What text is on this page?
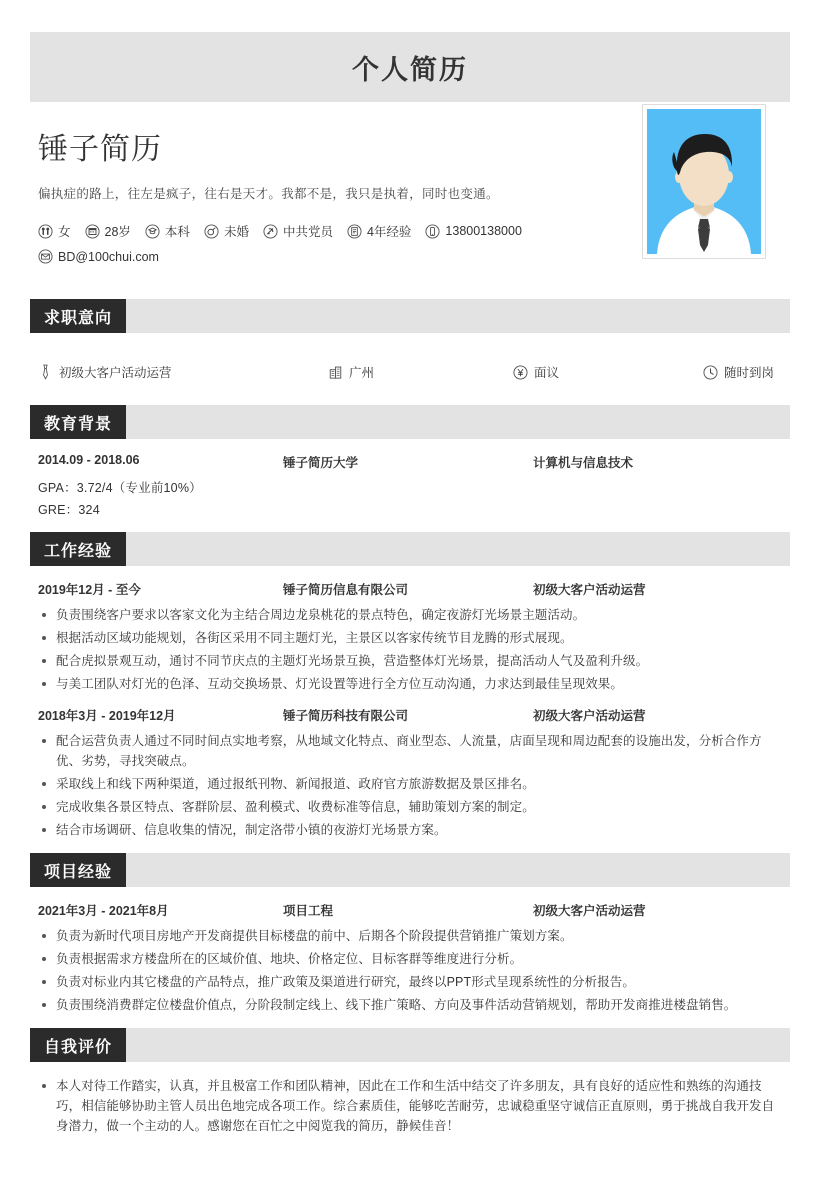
个人简历
锤子简历
偏执症的路上，往左是疯子，往右是天才。我都不是，我只是执着，同时也变通。
女	28岁	本科	未婚	中共党员	4年经验	13800138000
BD@100chui.com
求职意向
初级大客户活动运营	广州	面议	随时到岗
教育背景
2014.09 - 2018.06	锤子简历大学	计算机与信息技术
GPA：3.72/4（专业前10%）
GRE：324
工作经验
2019年12月 - 至今	锤子简历信息有限公司	初级大客户活动运营
负责围绕客户要求以客家文化为主结合周边龙泉桃花的景点特色，确定夜游灯光场景主题活动。
根据活动区域功能规划，各街区采用不同主题灯光，主景区以客家传统节目龙腾的形式展现。
配合虎拟景观互动，通讨不同节庆点的主题灯光场景互换，营造整体灯光场景，提高活动人气及盈利升级。
与美工团队对灯光的色泽、互动交换场景、灯光设置等进行全方位互动沟通，力求达到最佳呈现效果。
2018年3月 - 2019年12月	锤子简历科技有限公司	初级大客户活动运营
配合运营负责人通过不同时间点实地考察，从地域文化特点、商业型态、人流量，店面呈现和周边配套的设施出发，分析合作方优、劣势，寻找突破点。
采取线上和线下两种渠道，通过报纸刊物、新闻报道、政府官方旅游数据及景区排名。
完成收集各景区特点、客群阶层、盈利模式、收费标准等信息，辅助策划方案的制定。
结合市场调研、信息收集的情况，制定洛带小镇的夜游灯光场景方案。
项目经验
2021年3月 - 2021年8月	项目工程	初级大客户活动运营
负责为新时代项目房地产开发商提供目标楼盘的前中、后期各个阶段提供营销推广策划方案。
负责根据需求方楼盘所在的区域价值、地块、价格定位、目标客群等维度进行分析。
负责对标业内其它楼盘的产品特点，推广政策及渠道进行研究，最终以PPT形式呈现系统性的分析报告。
负责围绕消费群定位楼盘价值点，分阶段制定线上、线下推广策略、方向及事件活动营销规划，帮助开发商推进楼盘销售。
自我评价
本人对待工作踏实，认真，并且极富工作和团队精神，因此在工作和生活中结交了许多朋友，具有良好的适应性和熟练的沟通技巧，相信能够协助主管人员出色地完成各项工作。综合素质佳，能够吃苦耐劳，忠诚稳重坚守诚信正直原则，勇于挑战自我开发自身潜力，做一个主动的人。感谢您在百忙之中阅览我的简历，静候佳音！
